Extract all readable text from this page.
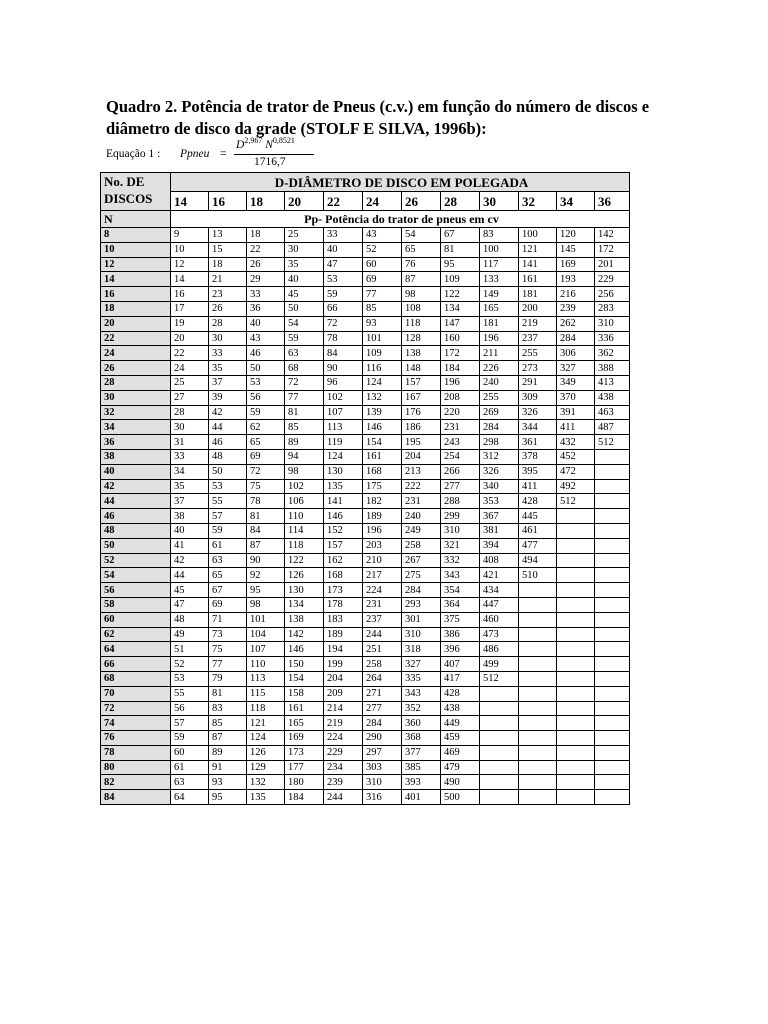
Quadro 2. Potência de trator de Pneus (c.v.) em função do número de discos e diâmetro de disco da grade (STOLF E SILVA, 1996b):
Equação 1 : Ppneu =
D$^{2,967}$ $N^{0,8521}$
1716,7
No. DE DISCOS	D-DIÂMETRO DE DISCO EM POLEGADA											
	14	16	18	20	22	24	26	28	30	32	34	36
N	Pp- Potência do trator de pneus em cv											
8	9	13	18	25	33	43	54	67	83	100	120	142
10	10	15	22	30	40	52	65	81	100	121	145	172
12	12	18	26	35	47	60	76	95	117	141	169	201
14	14	21	29	40	53	69	87	109	133	161	193	229
16	16	23	33	45	59	77	98	122	149	181	216	256
18	17	26	36	50	66	85	108	134	165	200	239	283
20	19	28	40	54	72	93	118	147	181	219	262	310
22	20	30	43	59	78	101	128	160	196	237	284	336
24	22	33	46	63	84	109	138	172	211	255	306	362
26	24	35	50	68	90	116	148	184	226	273	327	388
28	25	37	53	72	96	124	157	196	240	291	349	413
30	27	39	56	77	102	132	167	208	255	309	370	438
32	28	42	59	81	107	139	176	220	269	326	391	463
34	30	44	62	85	113	146	186	231	284	344	411	487
36	31	46	65	89	119	154	195	243	298	361	432	512
38	33	48	69	94	124	161	204	254	312	378	452	
40	34	50	72	98	130	168	213	266	326	395	472	
42	35	53	75	102	135	175	222	277	340	411	492	
44	37	55	78	106	141	182	231	288	353	428	512	
46	38	57	81	110	146	189	240	299	367	445		
48	40	59	84	114	152	196	249	310	381	461		
50	41	61	87	118	157	203	258	321	394	477		
52	42	63	90	122	162	210	267	332	408	494		
54	44	65	92	126	168	217	275	343	421	510		
56	45	67	95	130	173	224	284	354	434			
58	47	69	98	134	178	231	293	364	447			
60	48	71	101	138	183	237	301	375	460			
62	49	73	104	142	189	244	310	386	473			
64	51	75	107	146	194	251	318	396	486			
66	52	77	110	150	199	258	327	407	499			
68	53	79	113	154	204	264	335	417	512			
70	55	81	115	158	209	271	343	428				
72	56	83	118	161	214	277	352	438				
74	57	85	121	165	219	284	360	449				
76	59	87	124	169	224	290	368	459				
78	60	89	126	173	229	297	377	469				
80	61	91	129	177	234	303	385	479				
82	63	93	132	180	239	310	393	490				
84	64	95	135	184	244	316	401	500				
